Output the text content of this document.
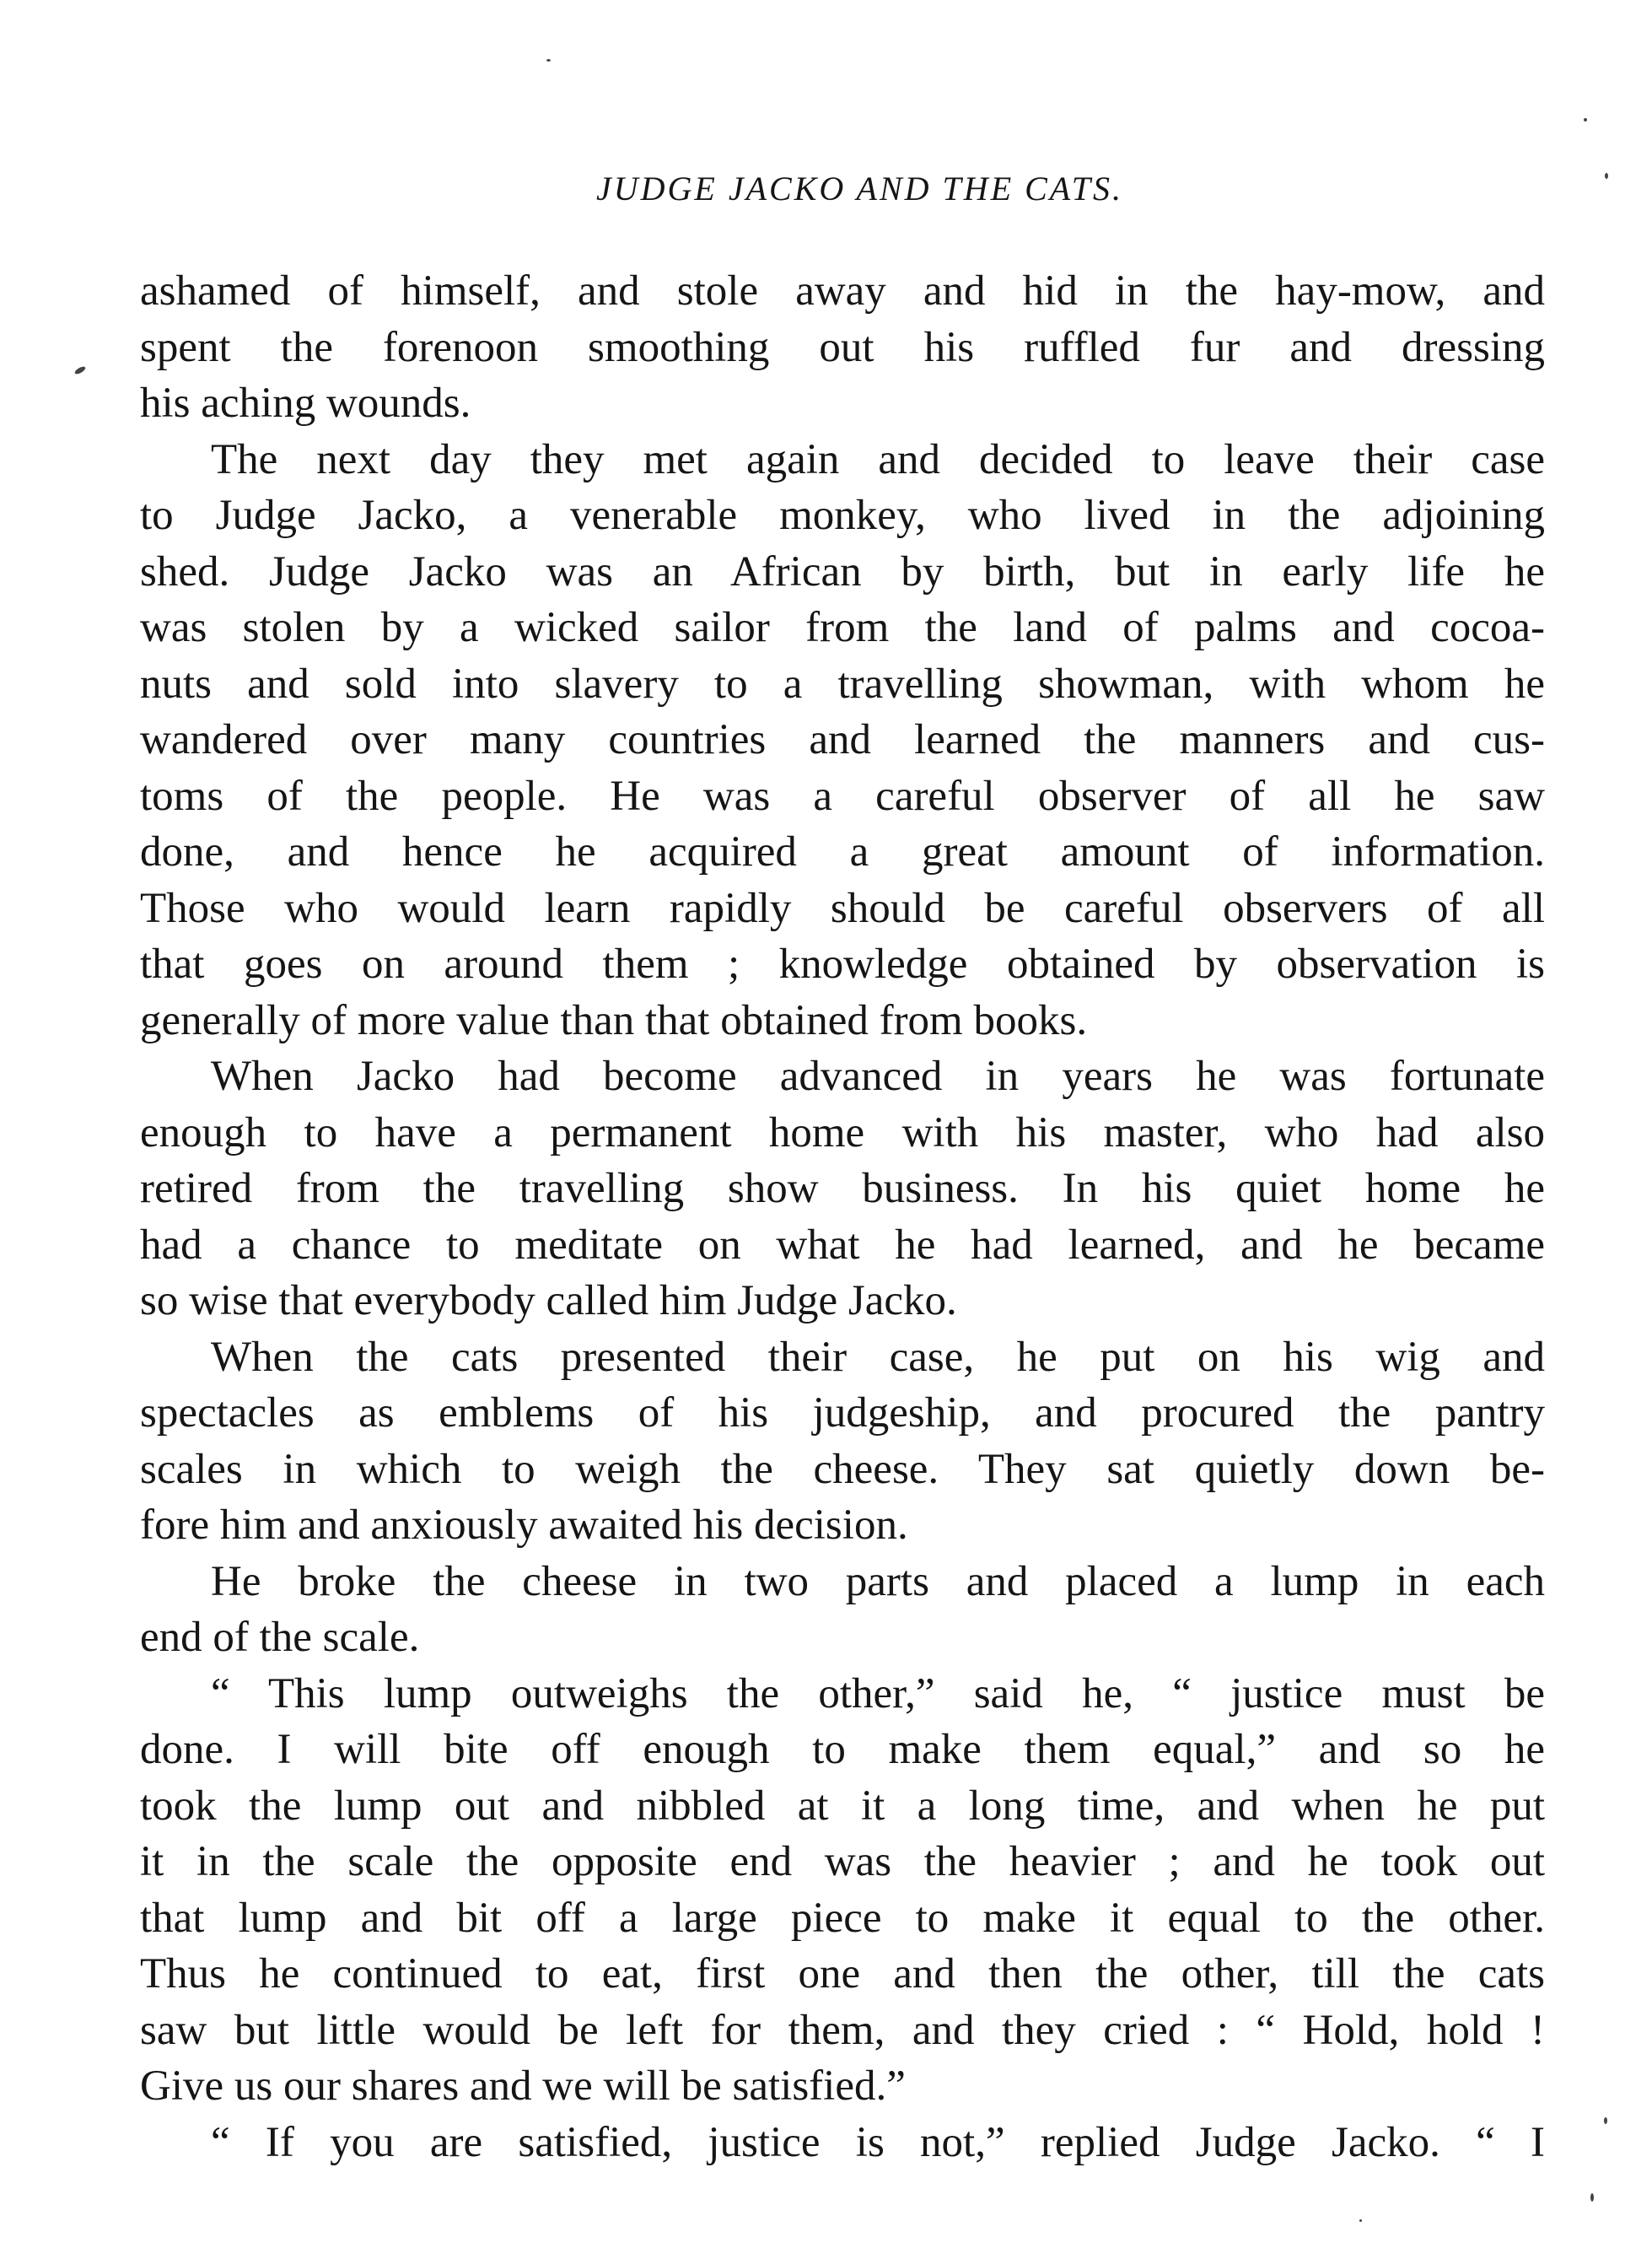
JUDGE JACKO AND THE CATS.
ashamed of himself, and stole away and hid in the hay-mow, and
spent the forenoon smoothing out his ruffled fur and dressing
his aching wounds.
The next day they met again and decided to leave their case
to Judge Jacko, a venerable monkey, who lived in the adjoining
shed. Judge Jacko was an African by birth, but in early life he
was stolen by a wicked sailor from the land of palms and cocoa-
nuts and sold into slavery to a travelling showman, with whom he
wandered over many countries and learned the manners and cus-
toms of the people. He was a careful observer of all he saw
done, and hence he acquired a great amount of information.
Those who would learn rapidly should be careful observers of all
that goes on around them ; knowledge obtained by observation is
generally of more value than that obtained from books.
When Jacko had become advanced in years he was fortunate
enough to have a permanent home with his master, who had also
retired from the travelling show business. In his quiet home he
had a chance to meditate on what he had learned, and he became
so wise that everybody called him Judge Jacko.
When the cats presented their case, he put on his wig and
spectacles as emblems of his judgeship, and procured the pantry
scales in which to weigh the cheese. They sat quietly down be-
fore him and anxiously awaited his decision.
He broke the cheese in two parts and placed a lump in each
end of the scale.
“ This lump outweighs the other,” said he, “ justice must be
done. I will bite off enough to make them equal,” and so he
took the lump out and nibbled at it a long time, and when he put
it in the scale the opposite end was the heavier ; and he took out
that lump and bit off a large piece to make it equal to the other.
Thus he continued to eat, first one and then the other, till the cats
saw but little would be left for them, and they cried : “ Hold, hold !
Give us our shares and we will be satisfied.”
“ If you are satisfied, justice is not,” replied Judge Jacko. “ I
